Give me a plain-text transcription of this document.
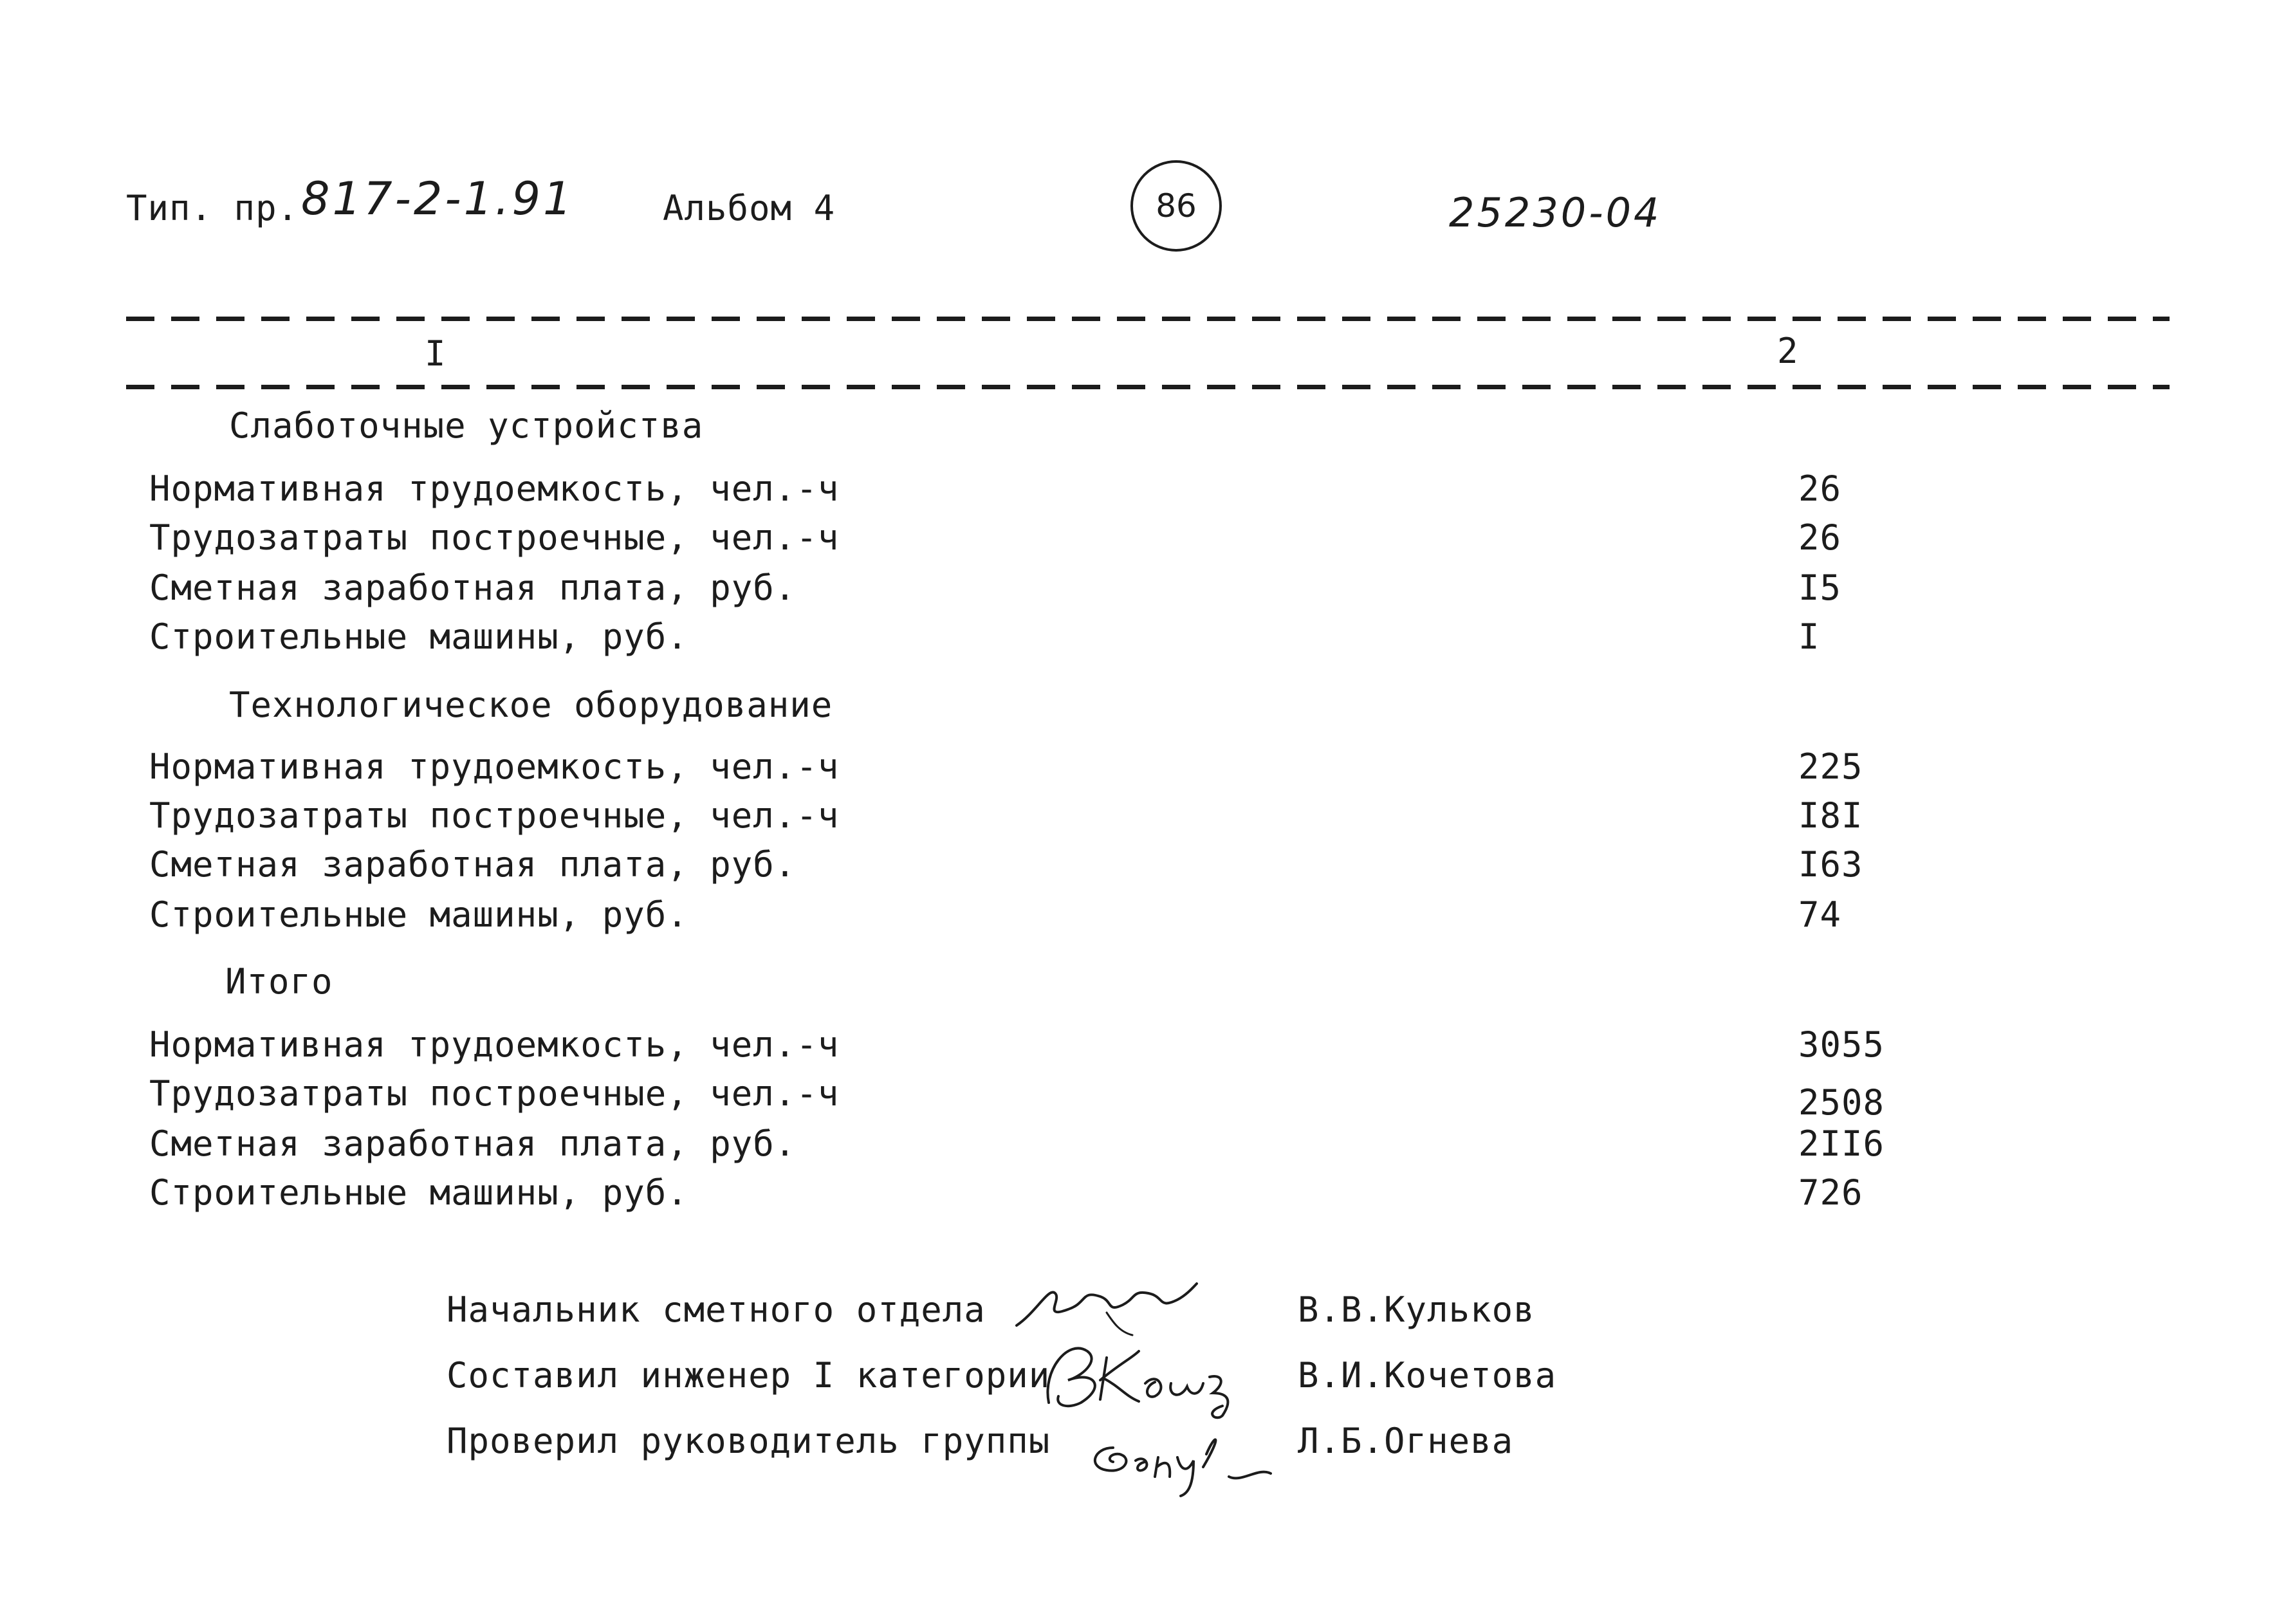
Тип. пр. 817-2-1.91	Альбом 4	86	25230-04
I	2
Слаботочные устройства
Нормативная трудоемкость, чел.-ч	26
Трудозатраты построечные, чел.-ч	26
Сметная заработная плата, руб.	I5
Строительные машины, руб.	I
Технологическое оборудование
Нормативная трудоемкость, чел.-ч	225
Трудозатраты построечные, чел.-ч	I8I
Сметная заработная плата, руб.	I63
Строительные машины, руб.	74
Итого
Нормативная трудоемкость, чел.-ч	3055
Трудозатраты построечные, чел.-ч	2508
Сметная заработная плата, руб.	2II6
Строительные машины, руб.	726
Начальник сметного отдела	В.В.Кульков
Составил инженер I категории	В.И.Кочетова
Проверил руководитель группы	Л.Б.Огнева
